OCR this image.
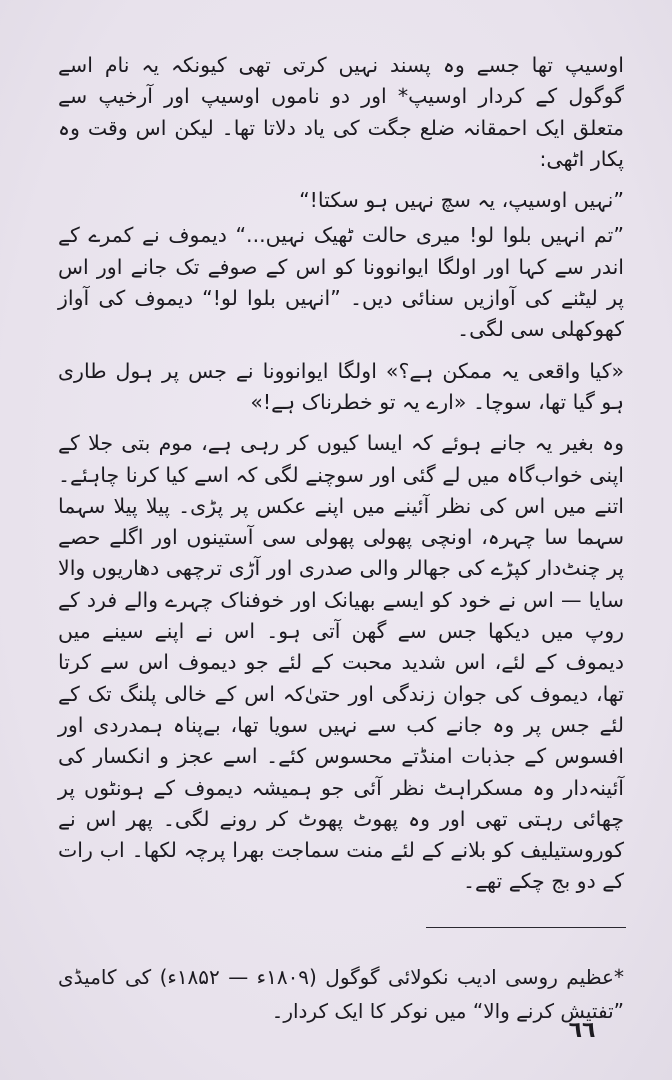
اوسیپ تھا جسے وہ پسند نہیں کرتی تھی کیونکہ یہ نام اسے گوگول کے کردار اوسیپ* اور دو ناموں اوسیپ اور آرخیپ سے متعلق ایک احمقانہ ضلع جگت کی یاد دلاتا تھا۔ لیکن اس وقت وہ پکار اٹھی:

”نہیں اوسیپ، یہ سچ نہیں ہو سکتا!“

”تم انہیں بلوا لو! میری حالت ٹھیک نہیں...“ دیموف نے کمرے کے اندر سے کہا اور اولگا ایوانوونا کو اس کے صوفے تک جانے اور اس پر لیٹنے کی آوازیں سنائی دیں۔ ”انہیں بلوا لو!“ دیموف کی آواز کھوکھلی سی لگی۔

«کیا واقعی یہ ممکن ہے؟» اولگا ایوانوونا نے جس پر ہول طاری ہو گیا تھا، سوچا۔ «ارے یہ تو خطرناک ہے!»

وہ بغیر یہ جانے ہوئے کہ ایسا کیوں کر رہی ہے، موم بتی جلا کے اپنی خواب‌گاہ میں لے گئی اور سوچنے لگی کہ اسے کیا کرنا چاہئے۔ اتنے میں اس کی نظر آئینے میں اپنے عکس پر پڑی۔ پیلا پیلا سہما سہما سا چہرہ، اونچی پھولی پھولی سی آستینوں اور اگلے حصے پر چنٹ‌دار کپڑے کی جھالر والی صدری اور آڑی ترچھی دھاریوں والا سایا — اس نے خود کو ایسے بھیانک اور خوفناک چہرے والے فرد کے روپ میں دیکھا جس سے گھن آتی ہو۔ اس نے اپنے سینے میں دیموف کے لئے، اس شدید محبت کے لئے جو دیموف اس سے کرتا تھا، دیموف کی جوان زندگی اور حتیٰ‌کہ اس کے خالی پلنگ تک کے لئے جس پر وہ جانے کب سے نہیں سویا تھا، بےپناہ ہمدردی اور افسوس کے جذبات امنڈتے محسوس کئے۔ اسے عجز و انکسار کی آئینہ‌دار وہ مسکراہٹ نظر آئی جو ہمیشہ دیموف کے ہونٹوں پر چھائی رہتی تھی اور وہ پھوٹ پھوٹ کر رونے لگی۔ پھر اس نے کوروستیلیف کو بلانے کے لئے منت سماجت بھرا پرچہ لکھا۔ اب رات کے دو بج چکے تھے۔

*عظیم روسی ادیب نکولائی گوگول (۱۸۰۹ء — ۱۸۵۲ء) کی کامیڈی ”تفتیش کرنے والا“ میں نوکر کا ایک کردار۔

٦٦
